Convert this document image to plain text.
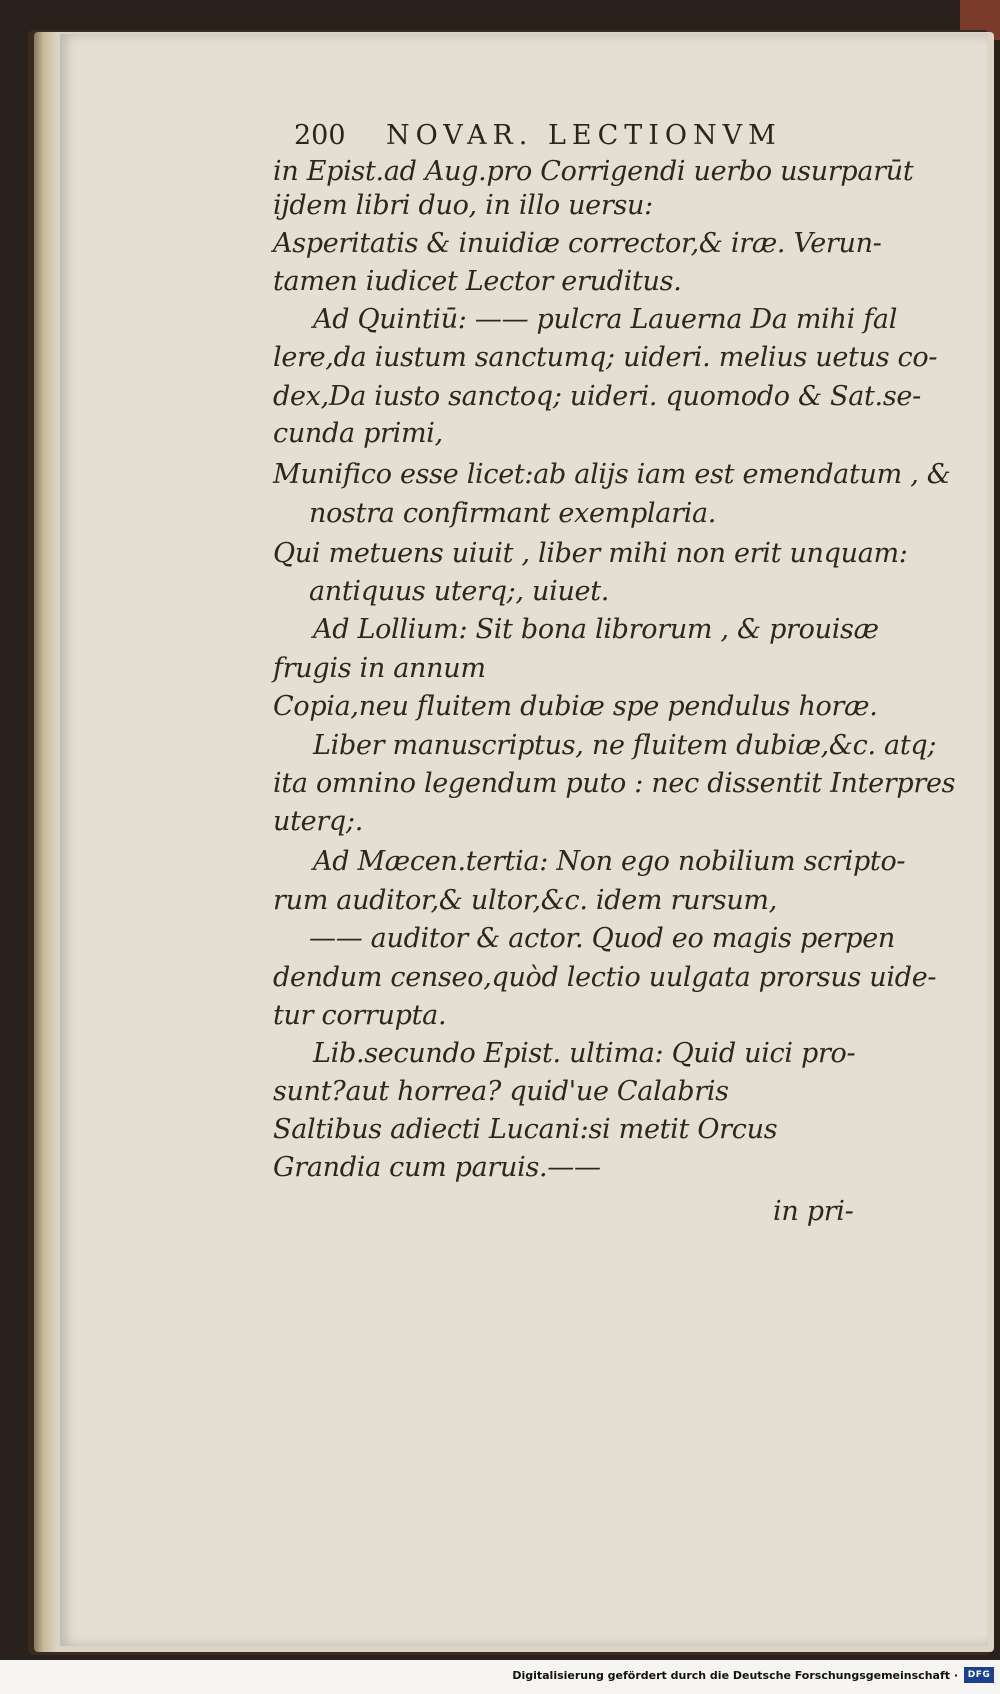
200 NOVAR. LECTIONVM
in Epist.ad Aug.pro Corrigendi uerbo usurparūt
ijdem libri duo, in illo uersu:
Asperitatis & inuidiæ corrector,& iræ. Verun-
tamen iudicet Lector eruditus.
Ad Quintiū: —— pulcra Lauerna Da mihi fal
lere,da iustum sanctumq; uideri. melius uetus co-
dex,Da iusto sanctoq; uideri. quomodo & Sat.se-
cunda primi,
Munifico esse licet:ab alijs iam est emendatum , &
nostra confirmant exemplaria.
Qui metuens uiuit , liber mihi non erit unquam:
antiquus uterq;, uiuet.
Ad Lollium: Sit bona librorum , & prouisæ
frugis in annum
Copia,neu fluitem dubiæ spe pendulus horæ.
Liber manuscriptus, ne fluitem dubiæ,&c. atq;
ita omnino legendum puto : nec dissentit Interpres
uterq;.
Ad Mæcen.tertia: Non ego nobilium scripto-
rum auditor,& ultor,&c. idem rursum,
—— auditor & actor. Quod eo magis perpen
dendum censeo,quòd lectio uulgata prorsus uide-
tur corrupta.
Lib.secundo Epist. ultima: Quid uici pro-
sunt?aut horrea? quid'ue Calabris
Saltibus adiecti Lucani:si metit Orcus
Grandia cum paruis.——
in pri-
Digitalisierung gefördert durch die Deutsche Forschungsgemeinschaft ·	DFG
